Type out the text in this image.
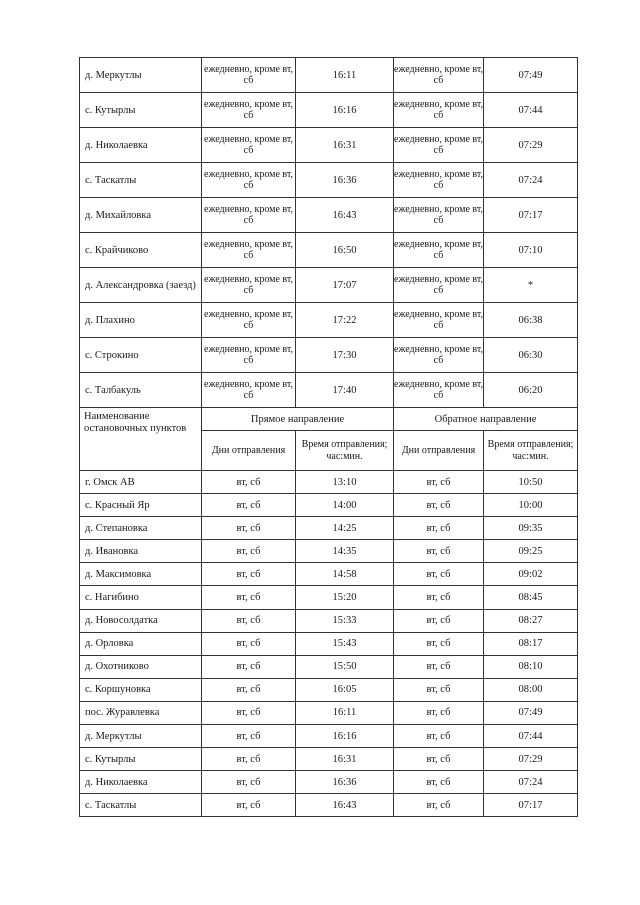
д. Меркутлы	ежедневно, кроме вт, сб	16:11	ежедневно, кроме вт, сб	07:49
с. Кутырлы	ежедневно, кроме вт, сб	16:16	ежедневно, кроме вт, сб	07:44
д. Николаевка	ежедневно, кроме вт, сб	16:31	ежедневно, кроме вт, сб	07:29
с. Таскатлы	ежедневно, кроме вт, сб	16:36	ежедневно, кроме вт, сб	07:24
д. Михайловка	ежедневно, кроме вт, сб	16:43	ежедневно, кроме вт, сб	07:17
с. Крайчиково	ежедневно, кроме вт, сб	16:50	ежедневно, кроме вт, сб	07:10
д. Александровка (заезд)	ежедневно, кроме вт, сб	17:07	ежедневно, кроме вт, сб	*
д. Плахино	ежедневно, кроме вт, сб	17:22	ежедневно, кроме вт, сб	06:38
с. Строкино	ежедневно, кроме вт, сб	17:30	ежедневно, кроме вт, сб	06:30
с. Талбакуль	ежедневно, кроме вт, сб	17:40	ежедневно, кроме вт, сб	06:20
Наименование остановочных пунктов	Прямое направление		Обратное направление	
	Дни отправления	Время отправления; час:мин.	Дни отправления	Время отправления; час:мин.
г. Омск АВ	вт, сб	13:10	вт, сб	10:50
с. Красный Яр	вт, сб	14:00	вт, сб	10:00
д. Степановка	вт, сб	14:25	вт, сб	09:35
д. Ивановка	вт, сб	14:35	вт, сб	09:25
д. Максимовка	вт, сб	14:58	вт, сб	09:02
с. Нагибино	вт, сб	15:20	вт, сб	08:45
д. Новосолдатка	вт, сб	15:33	вт, сб	08:27
д. Орловка	вт, сб	15:43	вт, сб	08:17
д. Охотниково	вт, сб	15:50	вт, сб	08:10
с. Коршуновка	вт, сб	16:05	вт, сб	08:00
пос. Журавлевка	вт, сб	16:11	вт, сб	07:49
д. Меркутлы	вт, сб	16:16	вт, сб	07:44
с. Кутырлы	вт, сб	16:31	вт, сб	07:29
д. Николаевка	вт, сб	16:36	вт, сб	07:24
с. Таскатлы	вт, сб	16:43	вт, сб	07:17
